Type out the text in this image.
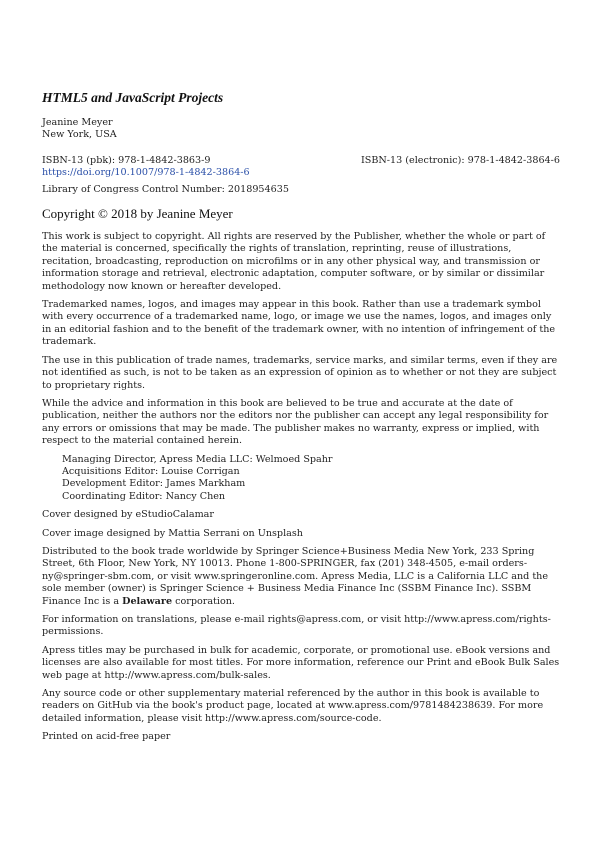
HTML5 and JavaScript Projects
Jeanine Meyer
New York, USA
ISBN-13 (pbk): 978-1-4842-3863-9	ISBN-13 (electronic): 978-1-4842-3864-6
https://doi.org/10.1007/978-1-4842-3864-6
Library of Congress Control Number: 2018954635
Copyright © 2018 by Jeanine Meyer

This work is subject to copyright. All rights are reserved by the Publisher, whether the whole or part of the material is concerned, specifically the rights of translation, reprinting, reuse of illustrations, recitation, broadcasting, reproduction on microfilms or in any other physical way, and transmission or information storage and retrieval, electronic adaptation, computer software, or by similar or dissimilar methodology now known or hereafter developed.

Trademarked names, logos, and images may appear in this book. Rather than use a trademark symbol with every occurrence of a trademarked name, logo, or image we use the names, logos, and images only in an editorial fashion and to the benefit of the trademark owner, with no intention of infringement of the trademark.

The use in this publication of trade names, trademarks, service marks, and similar terms, even if they are not identified as such, is not to be taken as an expression of opinion as to whether or not they are subject to proprietary rights.

While the advice and information in this book are believed to be true and accurate at the date of publication, neither the authors nor the editors nor the publisher can accept any legal responsibility for any errors or omissions that may be made. The publisher makes no warranty, express or implied, with respect to the material contained herein.

Managing Director, Apress Media LLC: Welmoed Spahr
Acquisitions Editor: Louise Corrigan
Development Editor: James Markham
Coordinating Editor: Nancy Chen

Cover designed by eStudioCalamar

Cover image designed by Mattia Serrani on Unsplash

Distributed to the book trade worldwide by Springer Science+Business Media New York, 233 Spring Street, 6th Floor, New York, NY 10013. Phone 1-800-SPRINGER, fax (201) 348-4505, e-mail orders-ny@springer-sbm.com, or visit www.springeronline.com. Apress Media, LLC is a California LLC and the sole member (owner) is Springer Science + Business Media Finance Inc (SSBM Finance Inc). SSBM Finance Inc is a Delaware corporation.

For information on translations, please e-mail rights@apress.com, or visit http://www.apress.com/rights-permissions.

Apress titles may be purchased in bulk for academic, corporate, or promotional use. eBook versions and licenses are also available for most titles. For more information, reference our Print and eBook Bulk Sales web page at http://www.apress.com/bulk-sales.

Any source code or other supplementary material referenced by the author in this book is available to readers on GitHub via the book's product page, located at www.apress.com/9781484238639. For more detailed information, please visit http://www.apress.com/source-code.

Printed on acid-free paper
